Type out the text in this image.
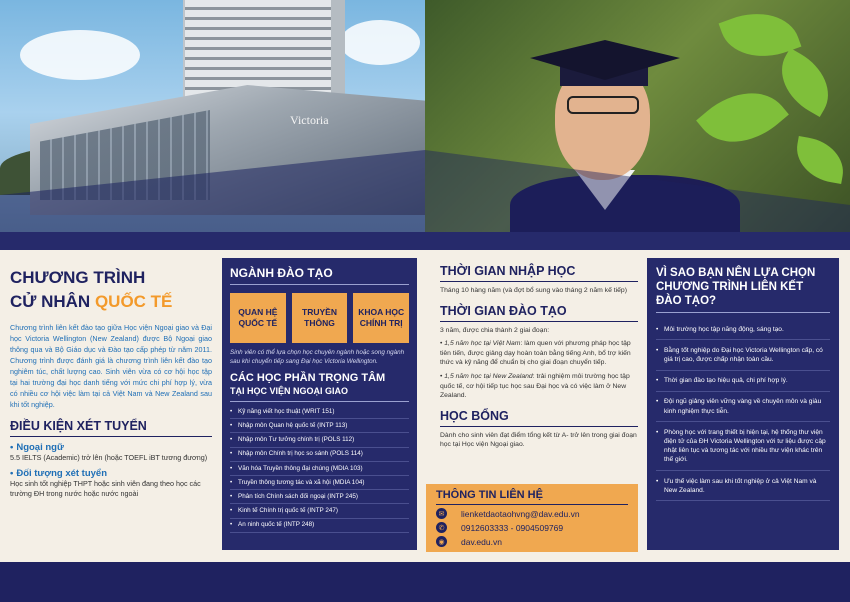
Victoria
CHƯƠNG TRÌNH
CỬ NHÂN QUỐC TẾ

Chương trình liên kết đào tạo giữa Học viện Ngoại giao và Đại học Victoria Wellington (New Zealand) được Bộ Ngoại giao thông qua và Bộ Giáo dục và Đào tạo cấp phép từ năm 2011. Chương trình được đánh giá là chương trình liên kết đào tạo nghiêm túc, chất lượng cao. Sinh viên vừa có cơ hội học tập tại hai trường đại học danh tiếng với mức chi phí hợp lý, vừa có nhiều cơ hội việc làm tại cả Việt Nam và New Zealand sau khi tốt nghiệp.

ĐIỀU KIỆN XÉT TUYỂN
• Ngoại ngữ
5.5 IELTS (Academic) trở lên (hoặc TOEFL iBT tương đương)
• Đối tượng xét tuyển
Học sinh tốt nghiệp THPT hoặc sinh viên đang theo học các trường ĐH trong nước hoặc nước ngoài
NGÀNH ĐÀO TẠO
QUAN HỆ QUỐC TẾ
TRUYỀN THÔNG
KHOA HỌC CHÍNH TRỊ

Sinh viên có thể lựa chọn học chuyên ngành hoặc song ngành sau khi chuyển tiếp sang Đại học Victoria Wellington.

CÁC HỌC PHẦN TRỌNG TÂM
TẠI HỌC VIỆN NGOẠI GIAO
• Kỹ năng viết học thuật (WRIT 151)
• Nhập môn Quan hệ quốc tế (INTP 113)
• Nhập môn Tư tưởng chính trị (POLS 112)
• Nhập môn Chính trị học so sánh (POLS 114)
• Văn hóa Truyền thông đại chúng (MDIA 103)
• Truyền thông tương tác và xã hội (MDIA 104)
• Phân tích Chính sách đối ngoại (INTP 245)
• Kinh tế Chính trị quốc tế (INTP 247)
• An ninh quốc tế (INTP 248)
THỜI GIAN NHẬP HỌC

Tháng 10 hàng năm (và đợt bổ sung vào tháng 2 năm kế tiếp)

THỜI GIAN ĐÀO TẠO

3 năm, được chia thành 2 giai đoạn:

• 1,5 năm học tại Việt Nam: làm quen với phương pháp học tập tiên tiến, được giảng dạy hoàn toàn bằng tiếng Anh, bổ trợ kiến thức và kỹ năng để chuẩn bị cho giai đoạn chuyển tiếp.

• 1,5 năm học tại New Zealand: trải nghiệm môi trường học tập quốc tế, cơ hội tiếp tục học sau Đại học và có việc làm ở New Zealand.

HỌC BỔNG

Dành cho sinh viên đạt điểm tổng kết từ A- trở lên trong giai đoạn học tại Học viện Ngoại giao.

THÔNG TIN LIÊN HỆ
✉	lienketdaotaohvng@dav.edu.vn
✆	0912603333 - 0904509769
◉ dav.edu.vn
VÌ SAO BẠN NÊN LỰA CHỌN CHƯƠNG TRÌNH LIÊN KẾT ĐÀO TẠO?
• Môi trường học tập năng động, sáng tạo.
• Bằng tốt nghiệp do Đại học Victoria Wellington cấp, có giá trị cao, được chấp nhận toàn cầu.
• Thời gian đào tạo hiệu quả, chi phí hợp lý.
• Đội ngũ giảng viên vững vàng về chuyên môn và giàu kinh nghiệm thực tiễn.
• Phòng học với trang thiết bị hiện tại, hệ thống thư viện điện tử của ĐH Victoria Wellington với tư liệu được cập nhật liên tục và tương tác với nhiều thư viện khác trên thế giới.
• Ưu thế việc làm sau khi tốt nghiệp ở cả Việt Nam và New Zealand.
